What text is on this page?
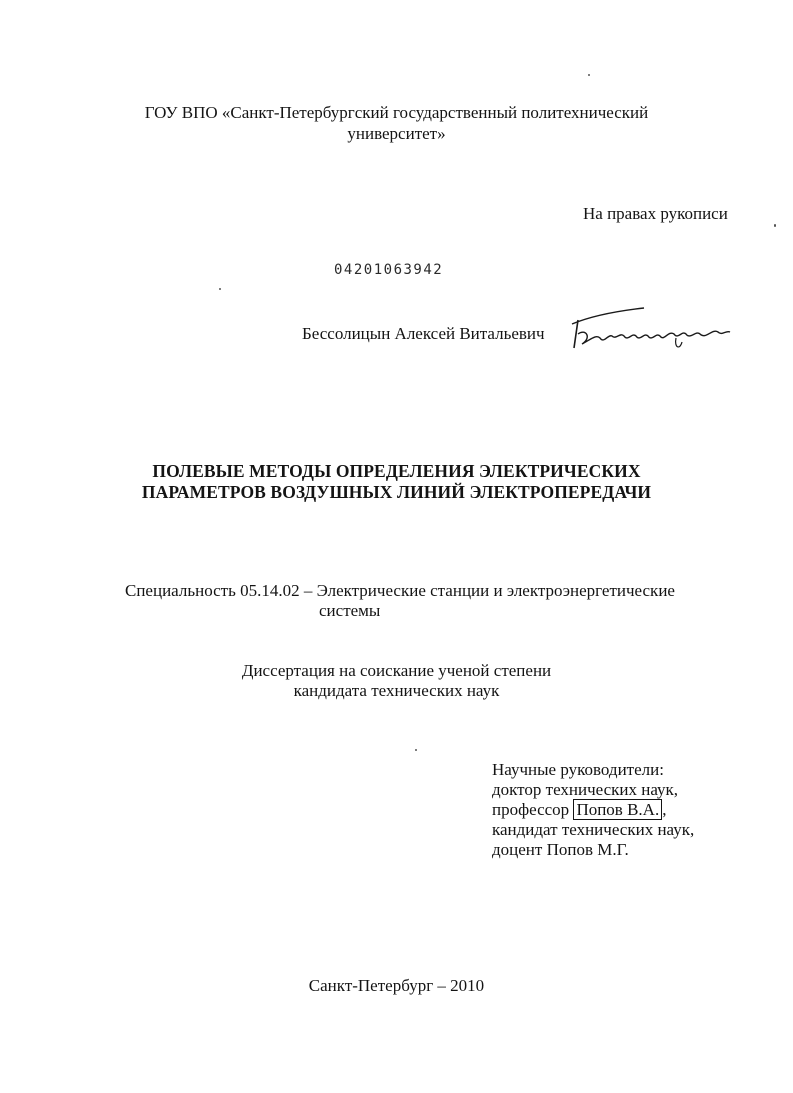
ГОУ ВПО «Санкт-Петербургский государственный политехнический
университет»
На правах рукописи
04201063942
Бессолицын Алексей Витальевич
ПОЛЕВЫЕ МЕТОДЫ ОПРЕДЕЛЕНИЯ ЭЛЕКТРИЧЕСКИХ
ПАРАМЕТРОВ ВОЗДУШНЫХ ЛИНИЙ ЭЛЕКТРОПЕРЕДАЧИ
Специальность 05.14.02 – Электрические станции и электроэнергетические
системы
Диссертация на соискание ученой степени
кандидата технических наук
Научные руководители:
доктор технических наук,
профессор Попов В.А. ,
кандидат технических наук,
доцент Попов М.Г.
Санкт-Петербург – 2010
